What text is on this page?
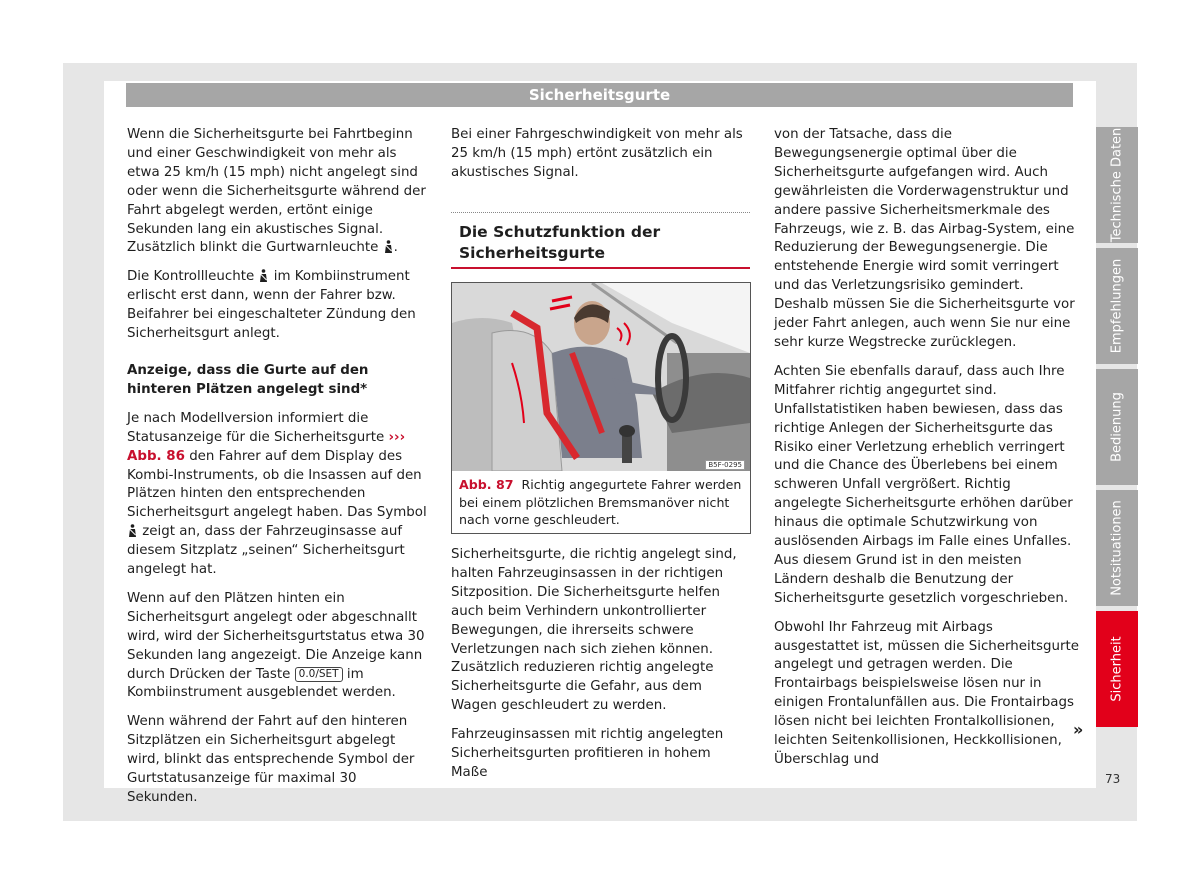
Sicherheitsgurte

Wenn die Sicherheitsgurte bei Fahrtbeginn und einer Geschwindigkeit von mehr als etwa 25 km/h (15 mph) nicht angelegt sind oder wenn die Sicherheitsgurte während der Fahrt abgelegt werden, ertönt einige Sekunden lang ein akustisches Signal. Zusätzlich blinkt die Gurtwarnleuchte .

Die Kontrollleuchte im Kombiinstrument erlischt erst dann, wenn der Fahrer bzw. Beifahrer bei eingeschalteter Zündung den Sicherheitsgurt anlegt.

Anzeige, dass die Gurte auf den hinteren Plätzen angelegt sind*

Je nach Modellversion informiert die Statusanzeige für die Sicherheitsgurte ››› Abb. 86 den Fahrer auf dem Display des Kombi-Instruments, ob die Insassen auf den Plätzen hinten den entsprechenden Sicherheitsgurt angelegt haben. Das Symbol  zeigt an, dass der Fahrzeuginsasse auf diesem Sitzplatz „seinen“ Sicherheitsgurt angelegt hat.

Wenn auf den Plätzen hinten ein Sicherheitsgurt angelegt oder abgeschnallt wird, wird der Sicherheitsgurtstatus etwa 30 Sekunden lang angezeigt. Die Anzeige kann durch Drücken der Taste 0.0/SET im Kombiinstrument ausgeblendet werden.

Wenn während der Fahrt auf den hinteren Sitzplätzen ein Sicherheitsgurt abgelegt wird, blinkt das entsprechende Symbol der Gurtstatusanzeige für maximal 30 Sekunden.

Bei einer Fahrgeschwindigkeit von mehr als 25 km/h (15 mph) ertönt zusätzlich ein akustisches Signal.

Die Schutzfunktion der Sicherheitsgurte
B5F-0295
Abb. 87 Richtig angegurtete Fahrer werden bei einem plötzlichen Bremsmanöver nicht nach vorne geschleudert.

Sicherheitsgurte, die richtig angelegt sind, halten Fahrzeuginsassen in der richtigen Sitzposition. Die Sicherheitsgurte helfen auch beim Verhindern unkontrollierter Bewegungen, die ihrerseits schwere Verletzungen nach sich ziehen können. Zusätzlich reduzieren richtig angelegte Sicherheitsgurte die Gefahr, aus dem Wagen geschleudert zu werden.

Fahrzeuginsassen mit richtig angelegten Sicherheitsgurten profitieren in hohem Maße

von der Tatsache, dass die Bewegungsenergie optimal über die Sicherheitsgurte aufgefangen wird. Auch gewährleisten die Vorderwagenstruktur und andere passive Sicherheitsmerkmale des Fahrzeugs, wie z. B. das Airbag-System, eine Reduzierung der Bewegungsenergie. Die entstehende Energie wird somit verringert und das Verletzungsrisiko gemindert. Deshalb müssen Sie die Sicherheitsgurte vor jeder Fahrt anlegen, auch wenn Sie nur eine sehr kurze Wegstrecke zurücklegen.

Achten Sie ebenfalls darauf, dass auch Ihre Mitfahrer richtig angegurtet sind. Unfallstatistiken haben bewiesen, dass das richtige Anlegen der Sicherheitsgurte das Risiko einer Verletzung erheblich verringert und die Chance des Überlebens bei einem schweren Unfall vergrößert. Richtig angelegte Sicherheitsgurte erhöhen darüber hinaus die optimale Schutzwirkung von auslösenden Airbags im Falle eines Unfalles. Aus diesem Grund ist in den meisten Ländern deshalb die Benutzung der Sicherheitsgurte gesetzlich vorgeschrieben.

Obwohl Ihr Fahrzeug mit Airbags ausgestattet ist, müssen die Sicherheitsgurte angelegt und getragen werden. Die Frontairbags beispielsweise lösen nur in einigen Frontalunfällen aus. Die Frontairbags lösen nicht bei leichten Frontalkollisionen, leichten Seitenkollisionen, Heckkollisionen, Überschlag und

»
Technische Daten
Empfehlungen
Bedienung
Notsituationen
Sicherheit
73
